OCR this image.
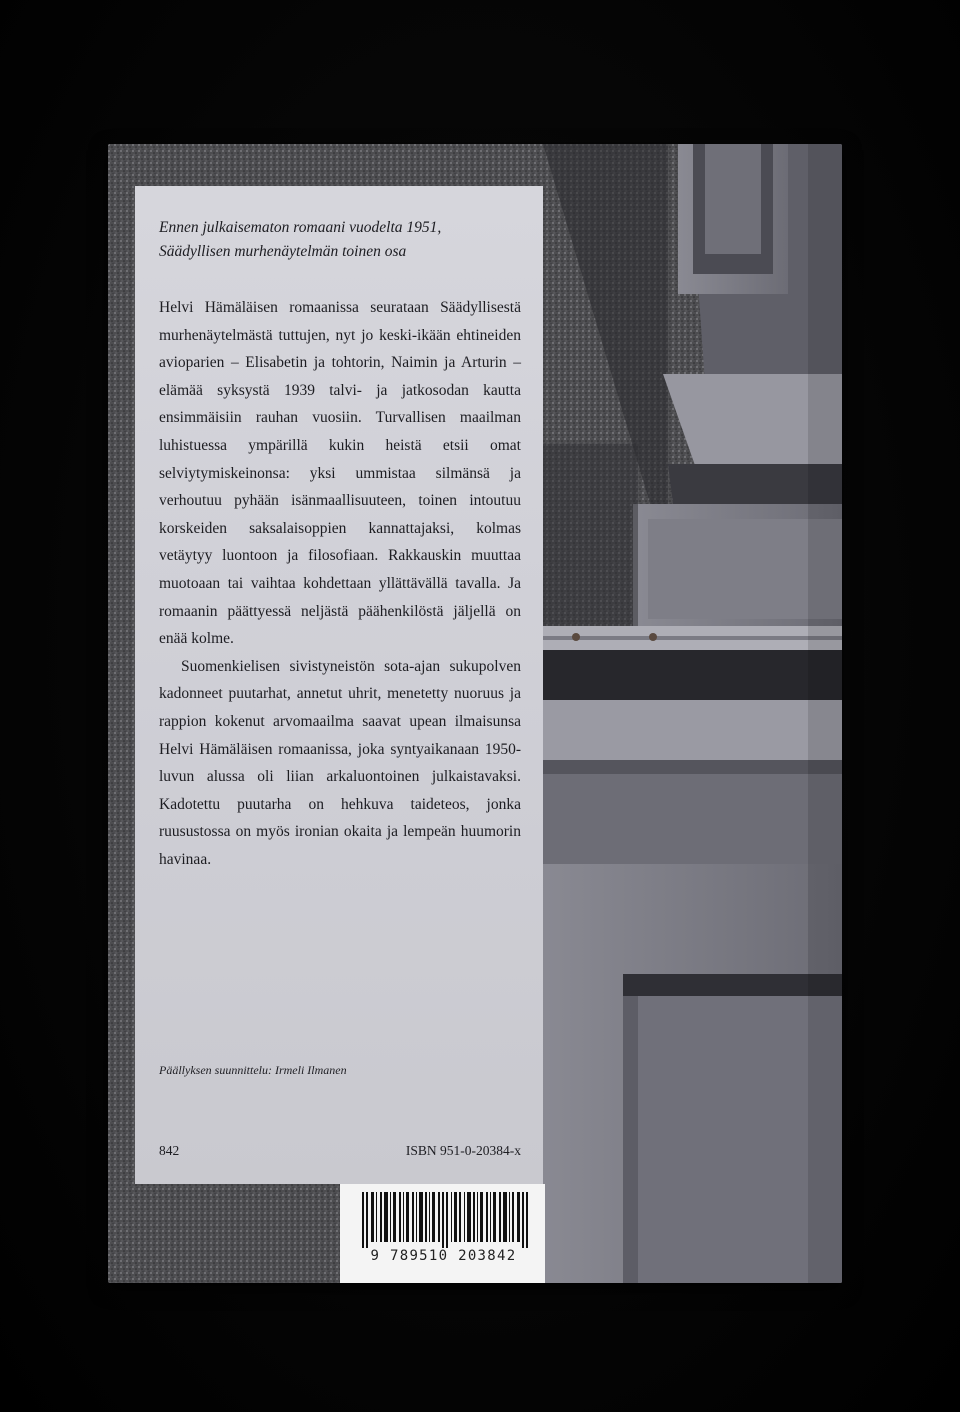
Ennen julkaisematon romaani vuodelta 1951,
Säädyllisen murhenäytelmän toinen osa

Helvi Hämäläisen romaanissa seurataan Säädyllisestä murhenäytelmästä tuttujen, nyt jo keski-ikään ehtineiden avioparien – Elisabetin ja tohtorin, Naimin ja Arturin – elämää syksystä 1939 talvi- ja jatkosodan kautta ensimmäisiin rauhan vuosiin. Turvallisen maailman luhistuessa ympärillä kukin heistä etsii omat selviytymiskeinonsa: yksi ummistaa silmänsä ja verhoutuu pyhään isänmaallisuuteen, toinen intoutuu korskeiden saksalaisoppien kannattajaksi, kolmas vetäytyy luontoon ja filosofiaan. Rakkauskin muuttaa muotoaan tai vaihtaa kohdettaan yllättävällä tavalla. Ja romaanin päättyessä neljästä päähenkilöstä jäljellä on enää kolme.

Suomenkielisen sivistyneistön sota-ajan sukupolven kadonneet puutarhat, annetut uhrit, menetetty nuoruus ja rappion kokenut arvomaailma saavat upean ilmaisunsa Helvi Hämäläisen romaanissa, joka syntyaikanaan 1950-luvun alussa oli liian arkaluontoinen julkaistavaksi. Kadotettu puutarha on hehkuva taideteos, jonka ruusustossa on myös ironian okaita ja lempeän huumorin havinaa.

Päällyksen suunnittelu: Irmeli Ilmanen
842	ISBN 951-0-20384-x
9 789510 203842
